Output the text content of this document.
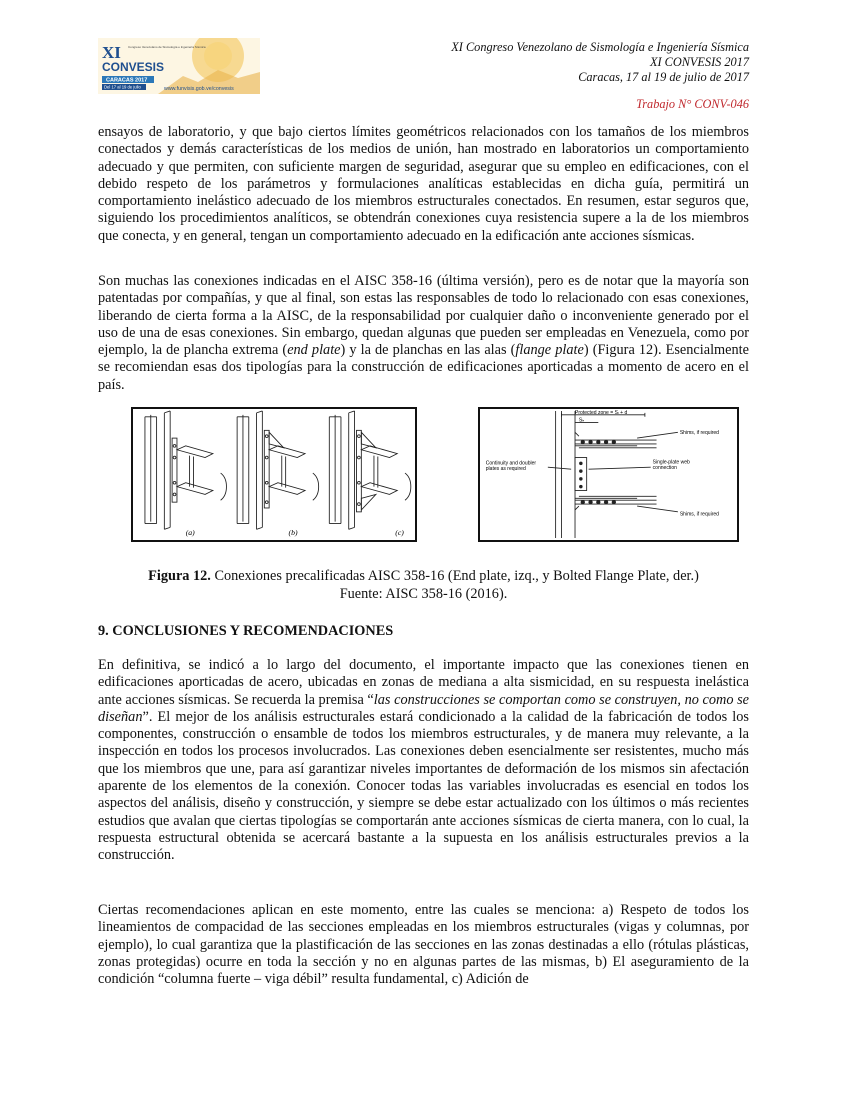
XI
CONVESIS
Congreso Venezolano de Sismología e Ingeniería Sísmica
CARACAS 2017
Del 17 al 19 de julio	www.funvisis.gob.ve/convesis
XI Congreso Venezolano de Sismología e Ingeniería Sísmica
XI CONVESIS 2017
Caracas, 17 al 19 de julio de 2017
Trabajo N° CONV-046

ensayos de laboratorio, y que bajo ciertos límites geométricos relacionados con los tamaños de los miembros conectados y demás características de los medios de unión, han mostrado en laboratorios un comportamiento adecuado y que permiten, con suficiente margen de seguridad, asegurar que su empleo en edificaciones, con el debido respeto de los parámetros y formulaciones analíticas establecidas en dicha guía, permitirá un comportamiento inelástico adecuado de los miembros estructurales conectados. En resumen, estar seguros que, siguiendo los procedimientos analíticos, se obtendrán conexiones cuya resistencia supere a la de los miembros que conecta, y en general, tengan un comportamiento adecuado en la edificación ante acciones sísmicas.

Son muchas las conexiones indicadas en el AISC 358-16 (última versión), pero es de notar que la mayoría son patentadas por compañías, y que al final, son estas las responsables de todo lo relacionado con esas conexiones, liberando de cierta forma a la AISC, de la responsabilidad por cualquier daño o inconveniente generado por el uso de una de esas conexiones. Sin embargo, quedan algunas que pueden ser empleadas en Venezuela, como por ejemplo, la de plancha extrema (end plate) y la de planchas en las alas (flange plate) (Figura 12). Esencialmente se recomiendan esas dos tipologías para la construcción de edificaciones aporticadas a momento de acero en el país.

(a)	(b)	(c)
Protected zone = Sₗ + d
Sₕ
Shims, if required
Single-plate web
connection
Continuity and doubler
plates as required
Shims, if required
Figura 12. Conexiones precalificadas AISC 358-16 (End plate, izq., y Bolted Flange Plate, der.)
Fuente: AISC 358-16 (2016).
9. CONCLUSIONES Y RECOMENDACIONES

En definitiva, se indicó a lo largo del documento, el importante impacto que las conexiones tienen en edificaciones aporticadas de acero, ubicadas en zonas de mediana a alta sismicidad, en su respuesta inelástica ante acciones sísmicas. Se recuerda la premisa “las construcciones se comportan como se construyen, no como se diseñan”. El mejor de los análisis estructurales estará condicionado a la calidad de la fabricación de todos los componentes, construcción o ensamble de todos los miembros estructurales, y de manera muy relevante, a la inspección en todos los procesos involucrados. Las conexiones deben esencialmente ser resistentes, mucho más que los miembros que une, para así garantizar niveles importantes de deformación de los mismos sin afectación aparente de los elementos de la conexión. Conocer todas las variables involucradas es esencial en todos los aspectos del análisis, diseño y construcción, y siempre se debe estar actualizado con los últimos o más recientes estudios que avalan que ciertas tipologías se comportarán ante acciones sísmicas de cierta manera, con lo cual, la respuesta estructural obtenida se acercará bastante a la supuesta en los análisis estructurales previos a la construcción.

Ciertas recomendaciones aplican en este momento, entre las cuales se menciona: a) Respeto de todos los lineamientos de compacidad de las secciones empleadas en los miembros estructurales (vigas y columnas, por ejemplo), lo cual garantiza que la plastificación de las secciones en las zonas destinadas a ello (rótulas plásticas, zonas protegidas) ocurre en toda la sección y no en algunas partes de las mismas, b) El aseguramiento de la condición “columna fuerte – viga débil” resulta fundamental, c) Adición de
